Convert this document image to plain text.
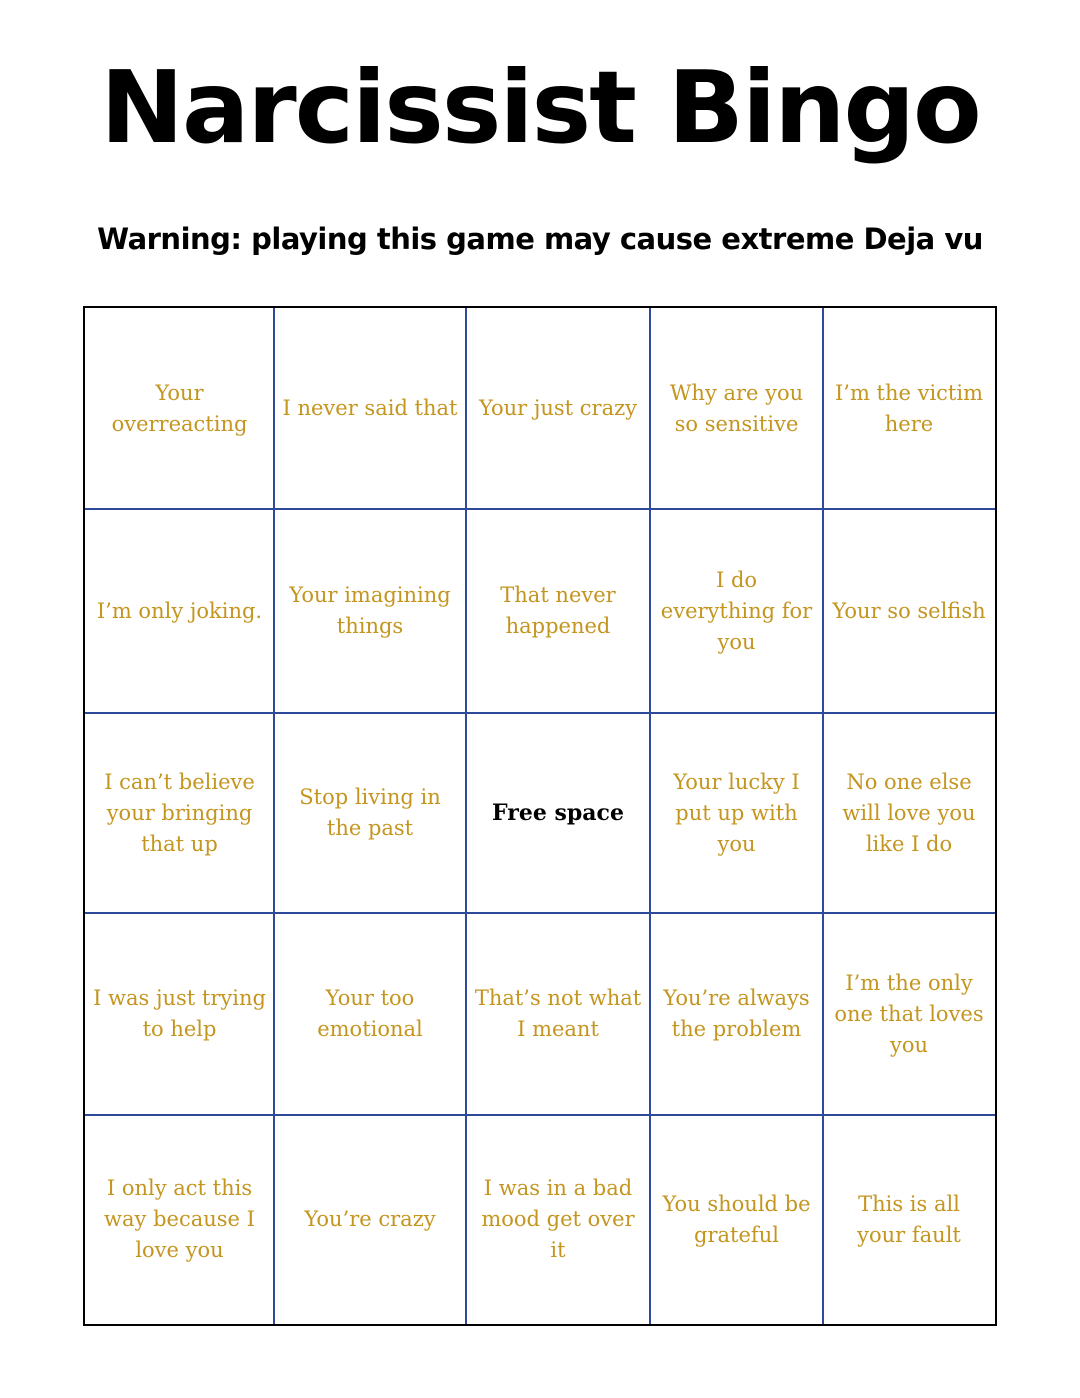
Narcissist Bingo

Warning: playing this game may cause extreme Deja vu

Your overreacting
I never said that	Your just crazy
Why are you so sensitive
I’m the victim here
I’m only joking.
Your imagining things
That never happened
I do everything for you
Your so selfish
I can’t believe your bringing that up
Stop living in the past
Free space
Your lucky I put up with you
No one else will love you like I do
I was just trying to help
Your too emotional
That’s not what I meant
You’re always the problem
I’m the only one that loves you
I only act this way because I love you
You’re crazy
I was in a bad mood get over it
You should be grateful
This is all your fault
